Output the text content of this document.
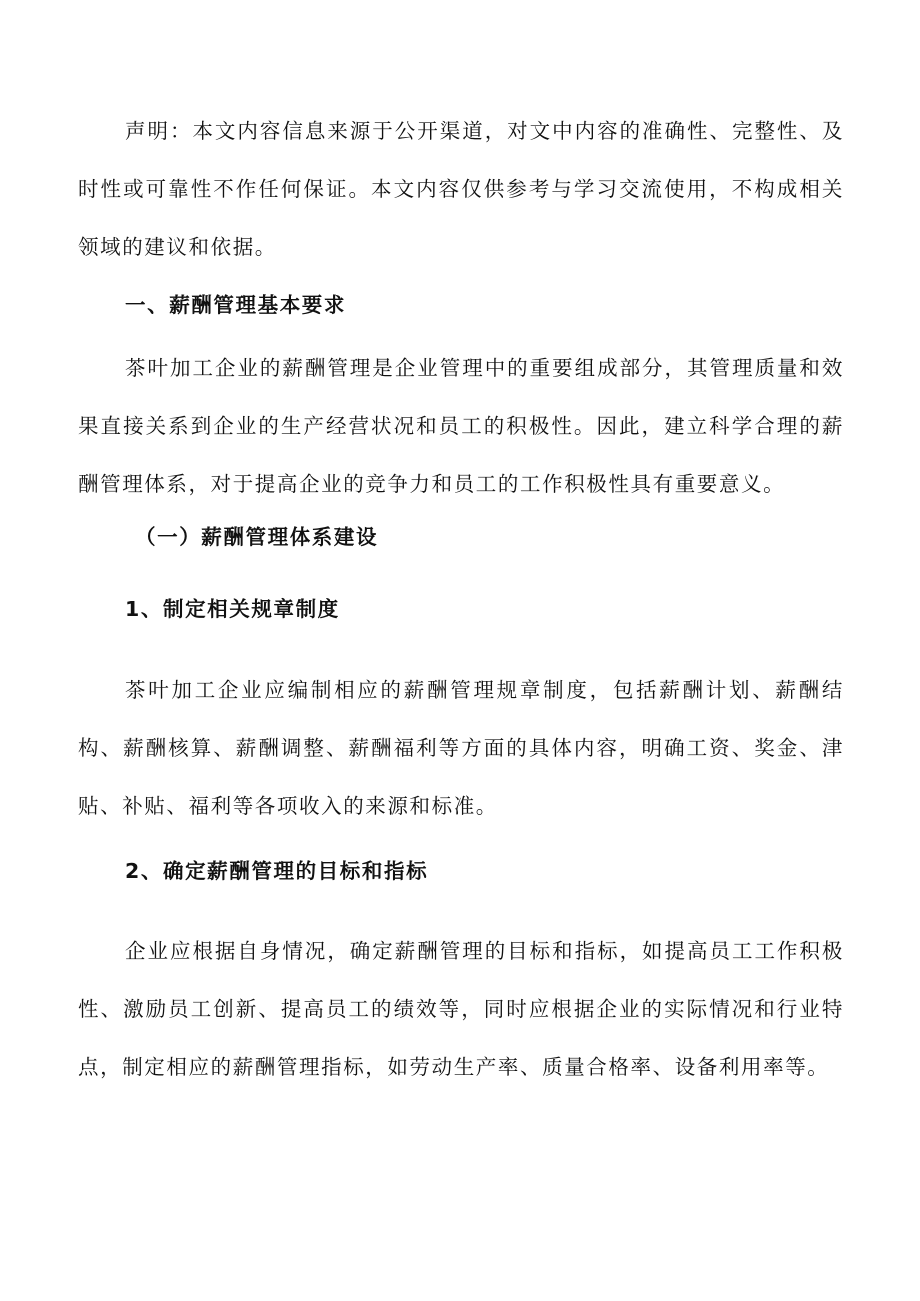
声明：本文内容信息来源于公开渠道，对文中内容的准确性、完整性、及时性或可靠性不作任何保证。本文内容仅供参考与学习交流使用，不构成相关领域的建议和依据。

一、薪酬管理基本要求

茶叶加工企业的薪酬管理是企业管理中的重要组成部分，其管理质量和效果直接关系到企业的生产经营状况和员工的积极性。因此，建立科学合理的薪酬管理体系，对于提高企业的竞争力和员工的工作积极性具有重要意义。

（一）薪酬管理体系建设
1、制定相关规章制度

茶叶加工企业应编制相应的薪酬管理规章制度，包括薪酬计划、薪酬结构、薪酬核算、薪酬调整、薪酬福利等方面的具体内容，明确工资、奖金、津贴、补贴、福利等各项收入的来源和标准。

2、确定薪酬管理的目标和指标

企业应根据自身情况，确定薪酬管理的目标和指标，如提高员工工作积极性、激励员工创新、提高员工的绩效等，同时应根据企业的实际情况和行业特点，制定相应的薪酬管理指标，如劳动生产率、质量合格率、设备利用率等。
